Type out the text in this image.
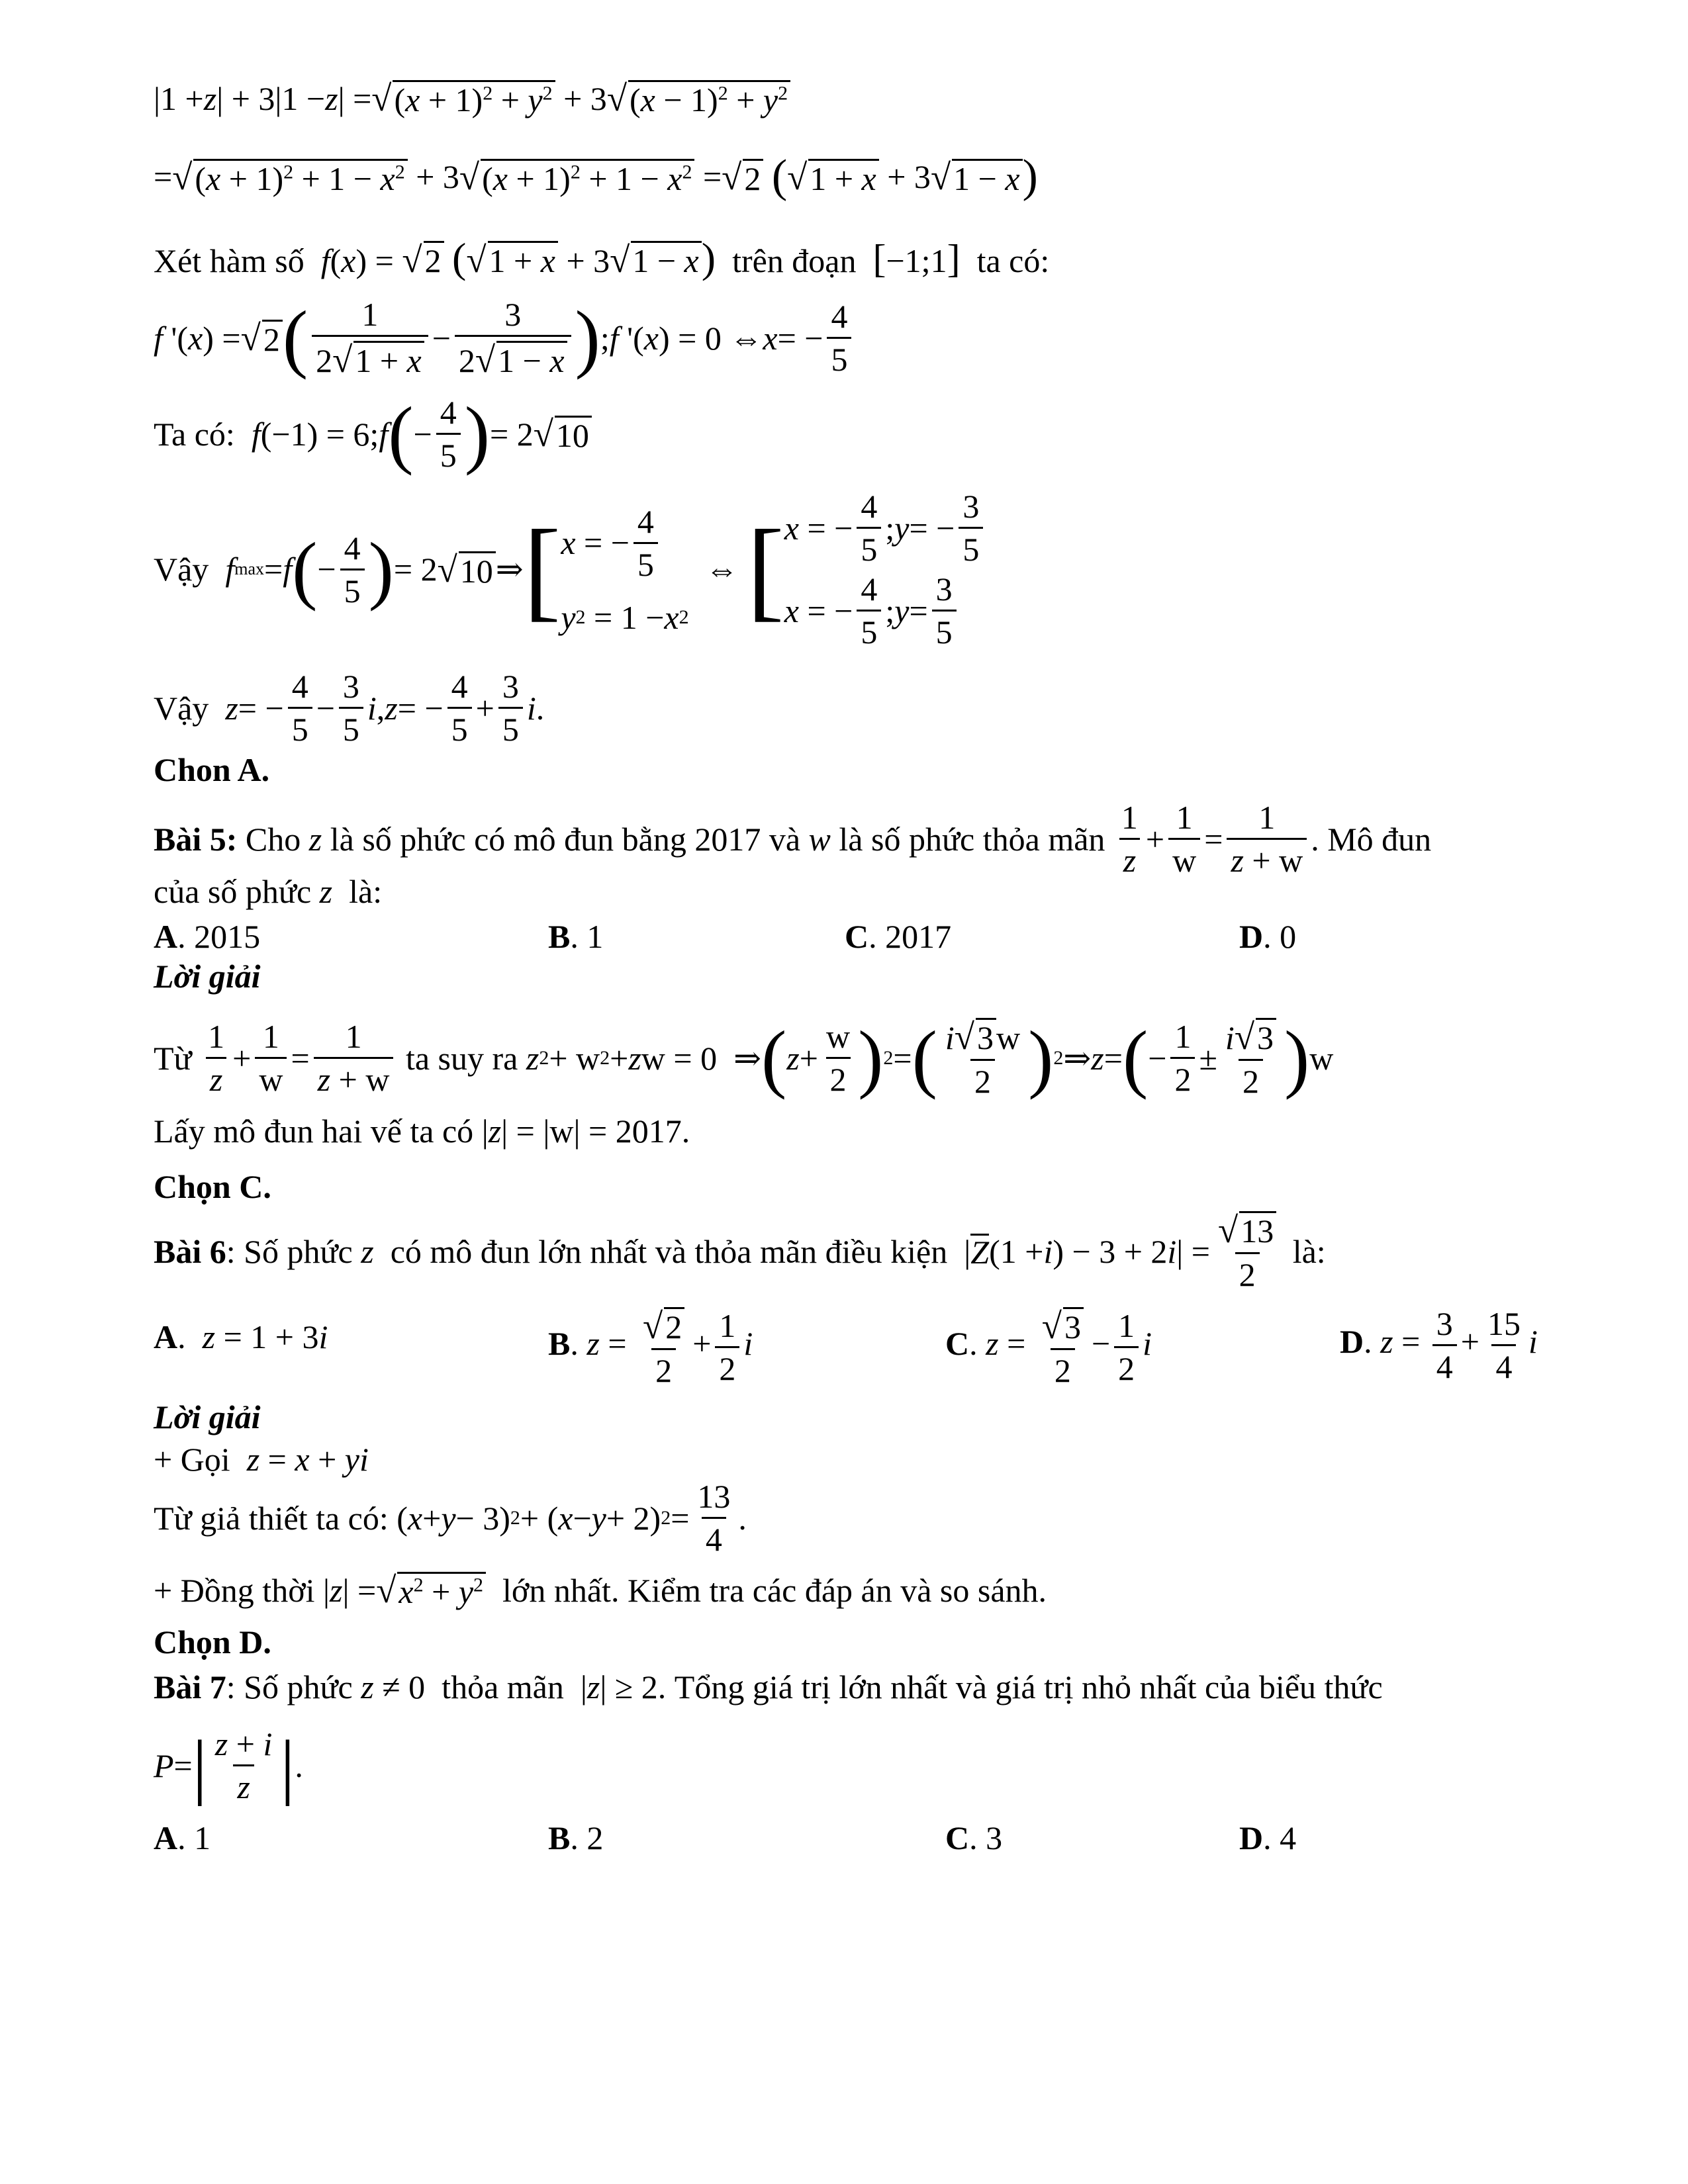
|1 + z | + 3|1 − z | = √ $(x + 1)^2 + y^2 + 3$ √ $(x - 1)^2 + y^2$
= √ $(x + 1)^2 + 1 - x^2 + 3$ √ $(x + 1)^2 + 1 - x^2$ = √ 2
( √ 1 + x + 3 √ 1 − x )
Xét hàm số f(x) = √2 (√1 + x + 3√1 − x) trên đoạn [−1;1] ta có:
f '( x ) = √ 2 ( 1
2√1 + x
−
3
2√1 − x ) ; f '( x ) = 0 ⇔ x = −
4
5
Ta có:
f (−1) = 6; f ( −
4
5 ) = 2 √ 10
Vậy
f max = f ( −
4
5 ) = 2 √ 10 ⇒ [ x = −
4
5
y 2 = 1 − x 2
⇔ [ x = −
4
5
; y = −
3
5
x = −
4
5
; y =
3
5
Vậy
z = −
4
5
−
3
5
i , z = −
4
5
+
3
5
i .
Chon A.
Bài 5:
Cho
z
là số phức có mô đun bằng 2017 và
w
là số phức thỏa mãn

1
z
+
1
w
=
1
z + w
. Mô đun
của số phức z là:
A. 2015	B. 1	C. 2017	D. 0
Lời giải
Từ

1
z
+
1
w
=
1
z + w

ta suy ra
z 2 + w 2 + z w = 0  ⇒ ( z +
w
2 ) 2 = ( i√3w
2 ) 2 ⇒ z = ( −
1
2
±
i√3
2 ) w
Lấy mô đun hai vế ta có |z| = |w| = 2017.
Chọn C.
Bài 6 : Số phức
z
có mô đun lớn nhất và thỏa mãn điều kiện | Z (1 + i ) − 3 + 2 i | =
√13
2

là:
A.  z = 1 + 3i	B. $z = \frac{√2}{2} + \frac{1}{2}$ i	C. $z = \frac{√3}{2} - \frac{1}{2}$ i	D. $z = \frac{3}{4} + \frac{15}{4}$ i
Lời giải
+ Gọi z = x + yi
Từ giả thiết ta có: ( x + y − 3) 2 + ( x − y + 2) 2 =
13
4
.
+ Đồng thời | z | = √ $x^2 + y^2$
lớn nhất. Kiểm tra các đáp án và so sánh.
Chọn D.
Bài 7: Số phức z ≠ 0  thỏa mãn  |z| ≥ 2. Tổng giá trị lớn nhất và giá trị nhỏ nhất của biểu thức
P = | z + i
z | .
A. 1	B. 2	C. 3	D. 4
